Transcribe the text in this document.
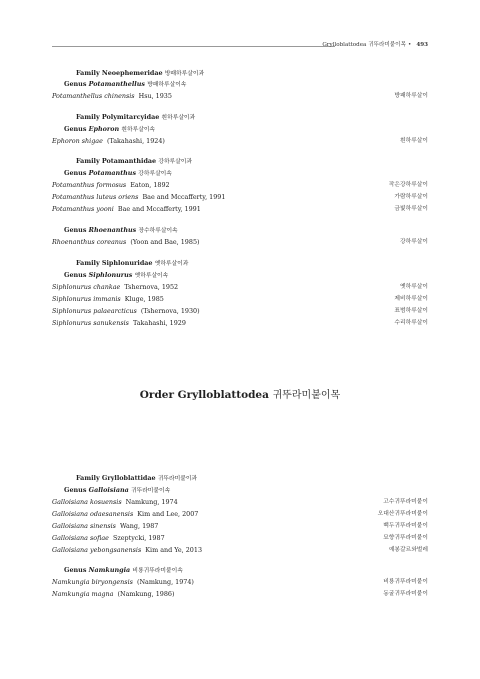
Grylloblattodea 귀뚜라미붙이목 • 493
Family Neoephemeridae 방패하루살이과
Genus Potamanthellus 방패하루살이속
Potamanthellus chinensis Hsu, 1935	방패하루살이
Family Polymitarcyidae 흰하루살이과
Genus Ephoron 흰하루살이속
Ephoron shigae (Takahashi, 1924)	흰하루살이
Family Potamanthidae 강하루살이과
Genus Potamanthus 강하루살이속
Potamanthus formosus Eaton, 1892	작은강하루살이
Potamanthus luteus oriens Bae and Mccafferty, 1991	가람하루살이
Potamanthus yooni Bae and Mccafferty, 1991	금빛하루살이
Genus Rhoenanthus 장수하루살이속
Rhoenanthus coreanus (Yoon and Bae, 1985)	강하루살이
Family Siphlonuridae 옛하루살이과
Genus Siphlonurus 옛하루살이속
Siphlonurus chankae Tshernova, 1952	옛하루살이
Siphlonurus immanis Kluge, 1985	제비하루살이
Siphlonurus palaearcticus (Tshernova, 1930)	표범하루살이
Siphlonurus sanukensis Takahashi, 1929	수리하루살이
Order Grylloblattodea 귀뚜라미붙이목
Family Grylloblattidae 귀뚜라미붙이과
Genus Galloisiana 귀뚜라미붙이속
Galloisiana kosuensis Namkung, 1974	고수귀뚜라미붙이
Galloisiana odaesanensis Kim and Lee, 2007	오대산귀뚜라미붙이
Galloisiana sinensis Wang, 1987	백두귀뚜라미붙이
Galloisiana sofiae Szeptycki, 1987	묘향귀뚜라미붙이
Galloisiana yebongsanensis Kim and Ye, 2013	예봉갈르와벌레
Genus Namkungia 비룡귀뚜라미붙이속
Namkungia biryongensis (Namkung, 1974)	비룡귀뚜라미붙이
Namkungia magna (Namkung, 1986)	동굴귀뚜라미붙이
